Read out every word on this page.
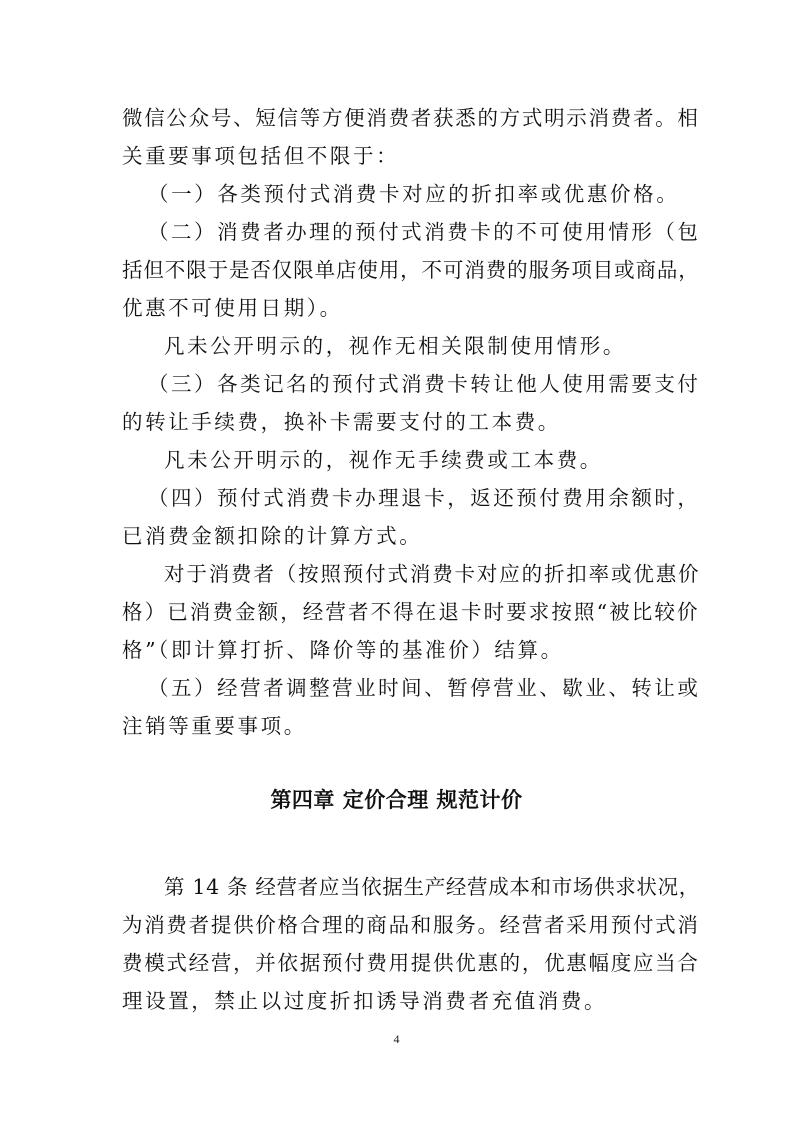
微信公众号、短信等方便消费者获悉的方式明示消费者。相
关重要事项包括但不限于：
（一）各类预付式消费卡对应的折扣率或优惠价格。
（二）消费者办理的预付式消费卡的不可使用情形（包
括但不限于是否仅限单店使用，不可消费的服务项目或商品，
优惠不可使用日期）。
凡未公开明示的，视作无相关限制使用情形。
（三）各类记名的预付式消费卡转让他人使用需要支付
的转让手续费，换补卡需要支付的工本费。
凡未公开明示的，视作无手续费或工本费。
（四）预付式消费卡办理退卡，返还预付费用余额时，
已消费金额扣除的计算方式。
对于消费者（按照预付式消费卡对应的折扣率或优惠价
格）已消费金额，经营者不得在退卡时要求按照“被比较价
格”（即计算打折、降价等的基准价）结算。
（五）经营者调整营业时间、暂停营业、歇业、转让或
注销等重要事项。
第四章 定价合理 规范计价
第 14 条 经营者应当依据生产经营成本和市场供求状况，
为消费者提供价格合理的商品和服务。经营者采用预付式消
费模式经营，并依据预付费用提供优惠的，优惠幅度应当合
理设置，禁止以过度折扣诱导消费者充值消费。
4
